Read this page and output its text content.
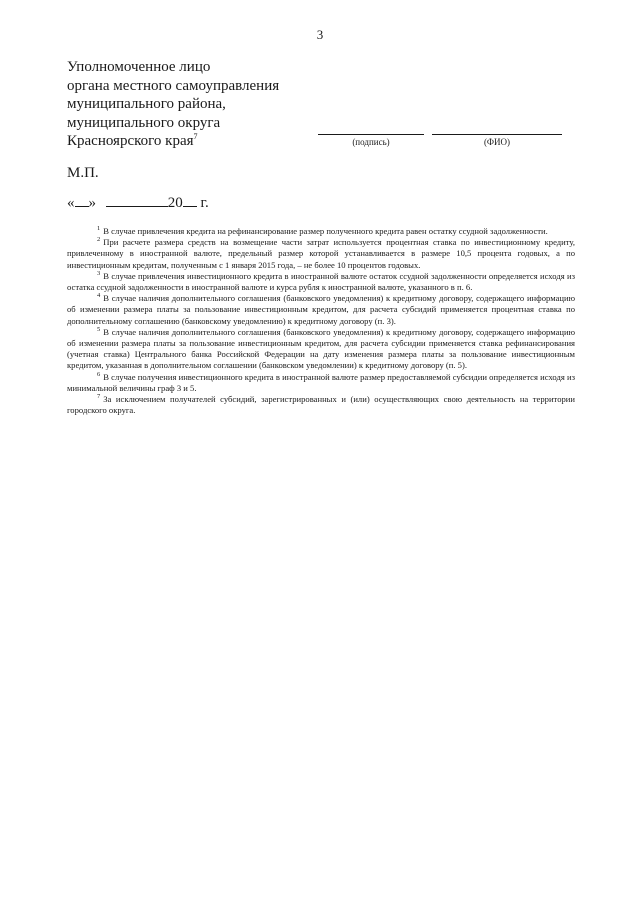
3
Уполномоченное лицо
органа местного самоуправления
муниципального района,
муниципального округа
Красноярского края$^7$
(подпись)	(ФИО)
М.П.
« »	20 г.

$^1$ В случае привлечения кредита на рефинансирование размер полученного кредита равен остатку ссудной задолженности.

$^2$ При расчете размера средств на возмещение части затрат используется процентная ставка по инвестиционному кредиту, привлеченному в иностранной валюте, предельный размер которой устанавливается в размере 10,5 процента годовых, а по инвестиционным кредитам, полученным с 1 января 2015 года, – не более 10 процентов годовых.

$^3$ В случае привлечения инвестиционного кредита в иностранной валюте остаток ссудной задолженности определяется исходя из остатка ссудной задолженности в иностранной валюте и курса рубля к иностранной валюте, указанного в п. 6.

$^4$ В случае наличия дополнительного соглашения (банковского уведомления) к кредитному договору, содержащего информацию об изменении размера платы за пользование инвестиционным кредитом, для расчета субсидий применяется процентная ставка по дополнительному соглашению (банковскому уведомлению) к кредитному договору (п. 3).

$^5$ В случае наличия дополнительного соглашения (банковского уведомления) к кредитному договору, содержащего информацию об изменении размера платы за пользование инвестиционным кредитом, для расчета субсидии применяется ставка рефинансирования (учетная ставка) Центрального банка Российской Федерации на дату изменения размера платы за пользование инвестиционным кредитом, указанная в дополнительном соглашении (банковском уведомлении) к кредитному договору (п. 5).

$^6$ В случае получения инвестиционного кредита в иностранной валюте размер предоставляемой субсидии определяется исходя из минимальной величины граф 3 и 5.

$^7$ За исключением получателей субсидий, зарегистрированных и (или) осуществляющих свою деятельность на территории городского округа.
